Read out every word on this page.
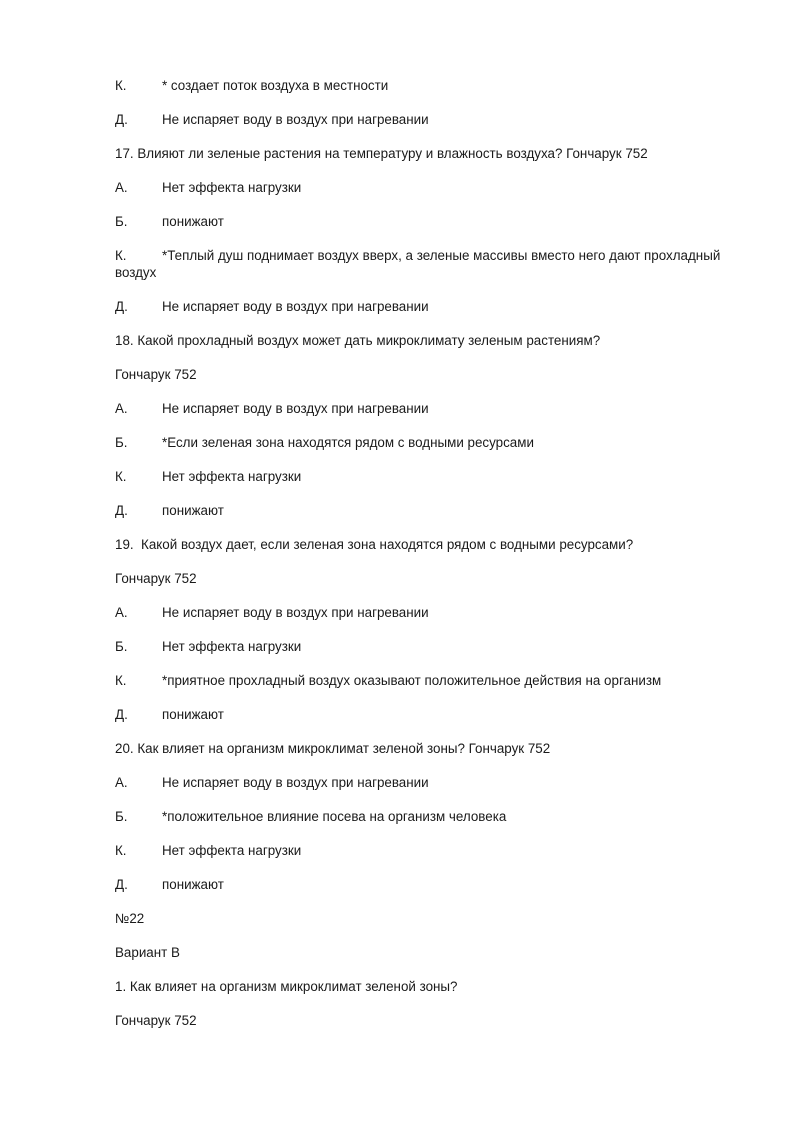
К.	* создает поток воздуха в местности
Д.	Не испаряет воду в воздух при нагревании
17. Влияют ли зеленые растения на температуру и влажность воздуха? Гончарук 752
А.	Нет эффекта нагрузки
Б.	понижают
К.	*Теплый душ поднимает воздух вверх, а зеленые массивы вместо него дают прохладный воздух
Д.	Не испаряет воду в воздух при нагревании
18. Какой прохладный воздух может дать микроклимату зеленым растениям?
Гончарук 752
А.	Не испаряет воду в воздух при нагревании
Б.	*Если зеленая зона находятся рядом с водными ресурсами
К.	Нет эффекта нагрузки
Д.	понижают
19.  Какой воздух дает, если зеленая зона находятся рядом с водными ресурсами?
Гончарук 752
А.	Не испаряет воду в воздух при нагревании
Б.	Нет эффекта нагрузки
К.	*приятное прохладный воздух оказывают положительное действия на организм
Д.	понижают
20. Как влияет на организм микроклимат зеленой зоны? Гончарук 752
А.	Не испаряет воду в воздух при нагревании
Б.	*положительное влияние посева на организм человека
К.	Нет эффекта нагрузки
Д.	понижают
№22
Вариант В
1. Как влияет на организм микроклимат зеленой зоны?
Гончарук 752
